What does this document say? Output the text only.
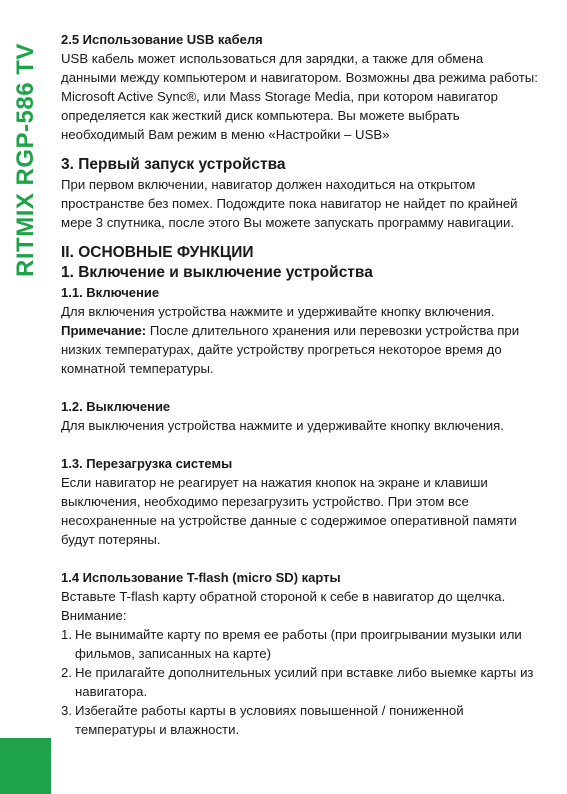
RITMIX RGP-586 TV

2.5 Использование USB кабеля

USB кабель может использоваться для зарядки, а также для обмена данными между компьютером и навигатором. Возможны два режима работы: Microsoft Active Sync®, или Mass Storage Media, при котором навигатор определяется как жесткий диск компьютера. Вы можете выбрать необходимый Вам режим в меню «Настройки – USB»

3. Первый запуск устройства

При первом включении, навигатор должен находиться на открытом пространстве без помех. Подождите пока навигатор не найдет по крайней мере 3 спутника, после этого Вы можете запускать программу навигации.

II. ОСНОВНЫЕ ФУНКЦИИ

1. Включение и выключение устройства

1.1. Включение

Для включения устройства нажмите и удерживайте кнопку включения.

Примечание: После длительного хранения или перевозки устройства при низких температурах, дайте устройству прогреться некоторое время до комнатной температуры.

1.2. Выключение

Для выключения устройства нажмите и удерживайте кнопку включения.

1.3. Перезагрузка системы

Если навигатор не реагирует на нажатия кнопок на экране и клавиши выключения, необходимо перезагрузить устройство. При этом все несохраненные на устройстве данные с содержимое оперативной памяти будут потеряны.

1.4 Использование T-flash (micro SD) карты

Вставьте T-flash карту обратной стороной к себе в навигатор до щелчка.

Внимание:

1. Не вынимайте карту по время ее работы (при проигрывании музыки или фильмов, записанных на карте)
2. Не прилагайте дополнительных усилий при вставке либо выемке карты из навигатора.
3. Избегайте работы карты в условиях повышенной / пониженной температуры и влажности.
